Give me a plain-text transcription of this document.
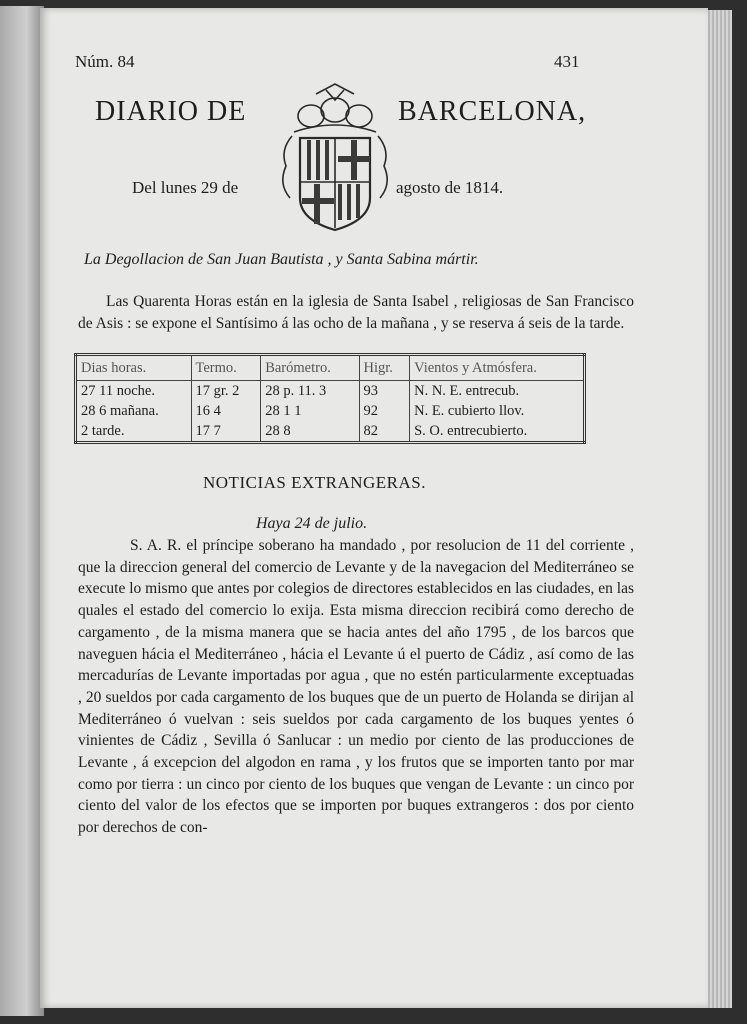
Núm. 84	431
DIARIO DE	BARCELONA,
Del lunes 29 de	agosto de 1814.
La Degollacion de San Juan Bautista , y Santa Sabina mártir.
Las Quarenta Horas están en la iglesia de Santa Isabel , religiosas de San Francisco de Asis : se expone el Santísimo á las ocho de la mañana , y se reserva á seis de la tarde.
Dias horas.	Termo.	Barómetro.	Higr.	Vientos y Atmósfera.
27 11 noche.	17 gr. 2	28 p. 11. 3	93	N. N. E. entrecub.
28 6 mañana.	16 4	28 1 1	92	N. E. cubierto llov.
2 tarde.	17 7	28 8	82	S. O. entrecubierto.
NOTICIAS EXTRANGERAS.
Haya 24 de julio.
S. A. R. el príncipe soberano ha mandado , por resolucion de 11 del corriente , que la direccion general del comercio de Levante y de la navegacion del Mediterráneo se execute lo mismo que antes por colegios de directores establecidos en las ciudades, en las quales el estado del comercio lo exija. Esta misma direccion recibirá como derecho de cargamento , de la misma manera que se hacia antes del año 1795 , de los barcos que naveguen hácia el Mediterráneo , hácia el Levante ú el puerto de Cádiz , así como de las mercadurías de Levante importadas por agua , que no estén particularmente exceptuadas , 20 sueldos por cada cargamento de los buques que de un puerto de Holanda se dirijan al Mediterráneo ó vuelvan : seis sueldos por cada cargamento de los buques yentes ó vinientes de Cádiz , Sevilla ó Sanlucar : un medio por ciento de las producciones de Levante , á excepcion del algodon en rama , y los frutos que se importen tanto por mar como por tierra : un cinco por ciento de los buques que vengan de Levante : un cinco por ciento del valor de los efectos que se importen por buques extrangeros : dos por ciento por derechos de con-
